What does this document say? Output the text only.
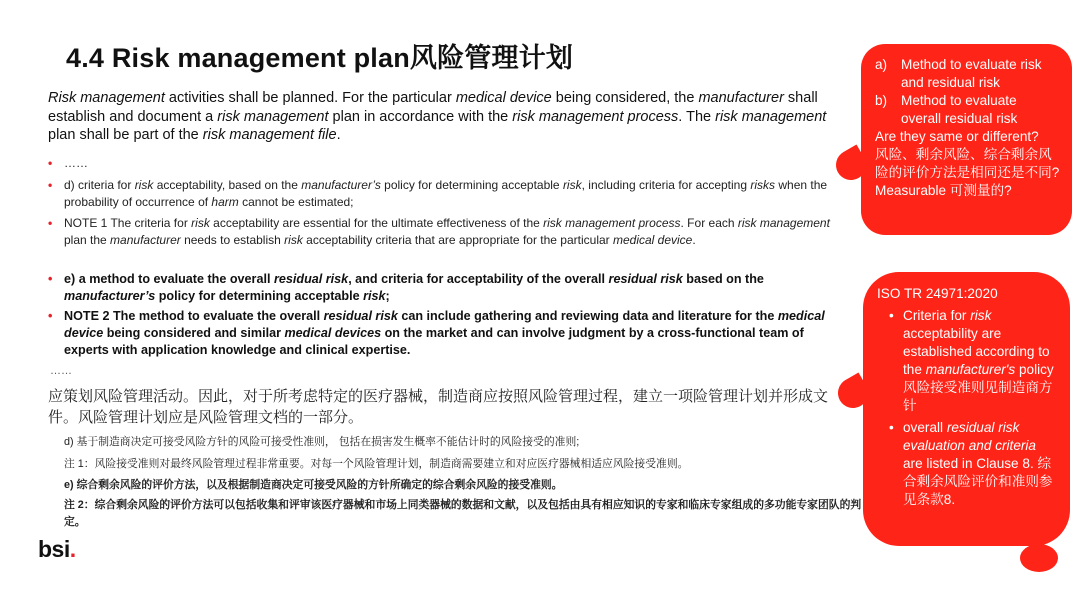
4.4 Risk management plan风险管理计划
Risk management activities shall be planned. For the particular medical device being considered, the manufacturer shall establish and document a risk management plan in accordance with the risk management process. The risk management plan shall be part of the risk management file.
• ……
• d) criteria for risk acceptability, based on the manufacturer’s policy for determining acceptable risk, including criteria for accepting risks when the probability of occurrence of harm cannot be estimated;
• NOTE 1 The criteria for risk acceptability are essential for the ultimate effectiveness of the risk management process. For each risk management plan the manufacturer needs to establish risk acceptability criteria that are appropriate for the particular medical device.
• e) a method to evaluate the overall residual risk, and criteria for acceptability of the overall residual risk based on the manufacturer’s policy for determining acceptable risk;
• NOTE 2 The method to evaluate the overall residual risk can include gathering and reviewing data and literature for the medical device being considered and similar medical devices on the market and can involve judgment by a cross-functional team of experts with application knowledge and clinical expertise.
……
应策划风险管理活动。因此，对于所考虑特定的医疗器械，制造商应按照风险管理过程，建立一项险管理计划并形成文件。风险管理计划应是风险管理文档的一部分。
d) 基于制造商决定可接受风险方针的风险可接受性准则， 包括在损害发生概率不能估计时的风险接受的准则;
注 1：风险接受准则对最终风险管理过程非常重要。对每一个风险管理计划，制造商需要建立和对应医疗器械相适应风险接受准则。
e) 综合剩余风险的评价方法，以及根据制造商决定可接受风险的方针所确定的综合剩余风险的接受准则。
注 2：综合剩余风险的评价方法可以包括收集和评审该医疗器械和市场上同类器械的数据和文献，以及包括由具有相应知识的专家和临床专家组成的多功能专家团队的判定。
bsi.
a)	Method to evaluate risk and residual risk
b)	Method to evaluate overall residual risk
Are they same or different?
风险、剩余风险、综合剩余风险的评价方法是相同还是不同?
Measurable 可测量的?
ISO TR 24971:2020
• Criteria for risk acceptability are established according to the manufacturer's policy 风险接受准则见制造商方针
• overall residual risk evaluation and criteria are listed in Clause 8. 综合剩余风险评价和准则参见条款8.
